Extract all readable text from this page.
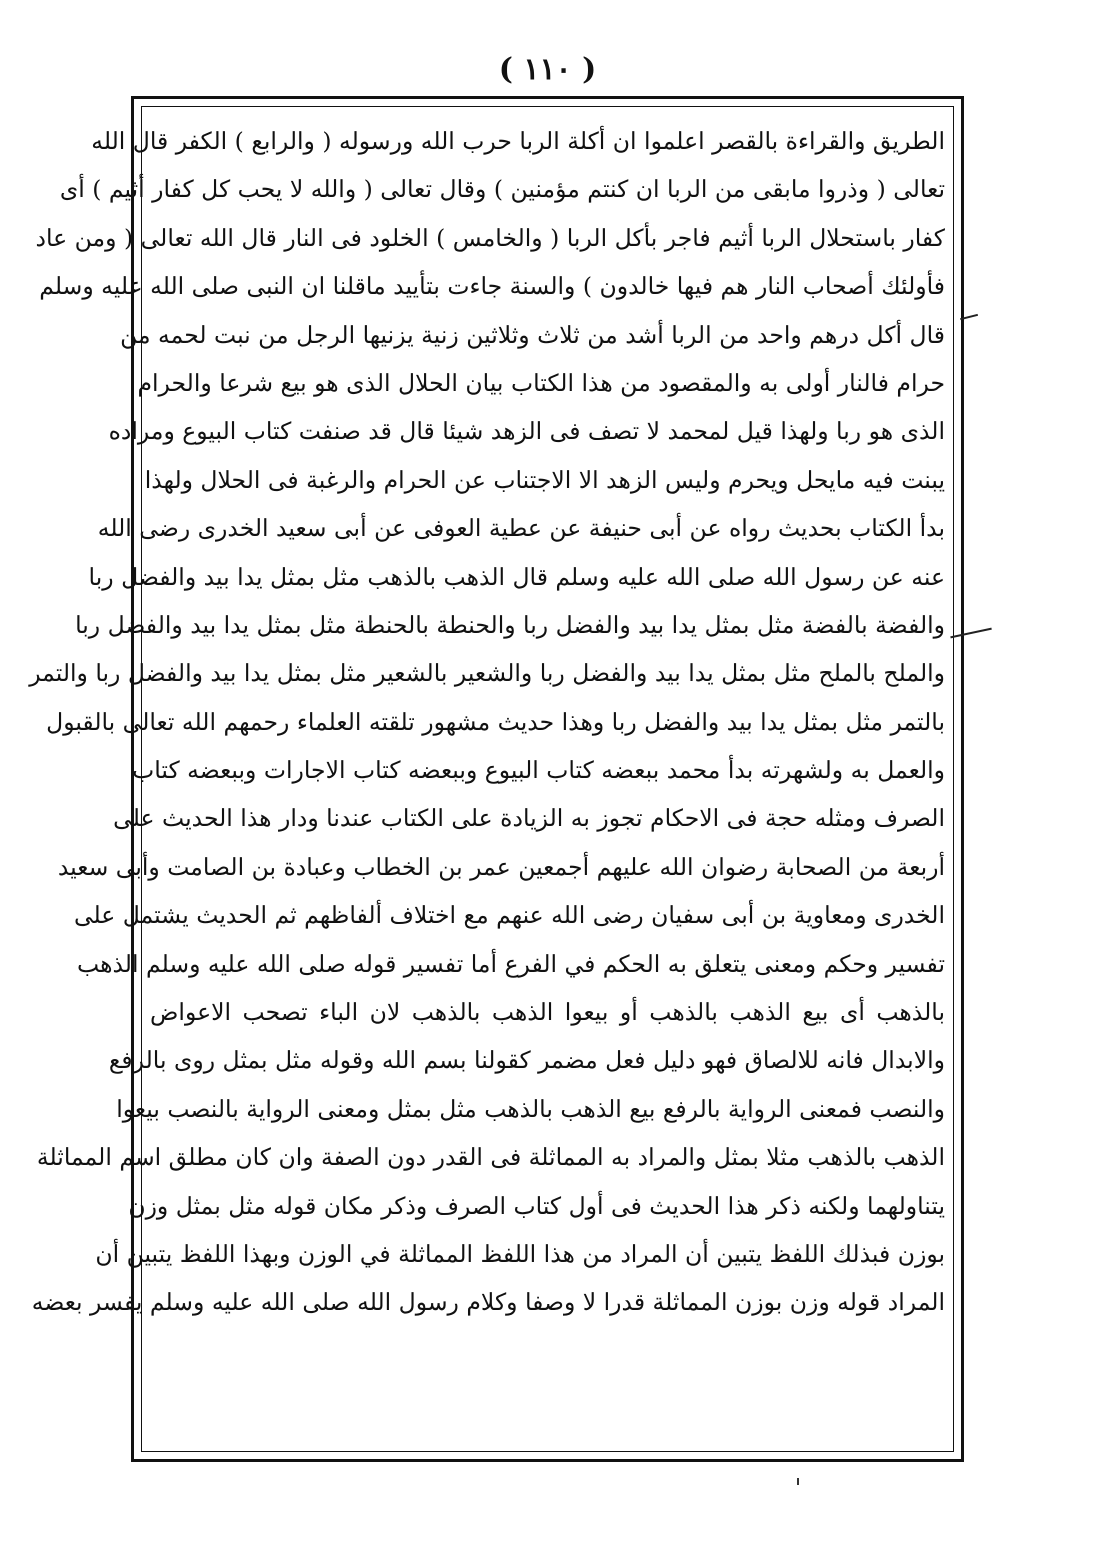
( ١١٠ )
الطريق والقراءة بالقصر اعلموا ان أكلة الربا حرب الله ورسوله ( والرابع ) الكفر قال الله
تعالى ( وذروا مابقى من الربا ان كنتم مؤمنين ) وقال تعالى ( والله لا يحب كل كفار أثيم ) أى
كفار باستحلال الربا أثيم فاجر بأكل الربا ( والخامس ) الخلود فى النار قال الله تعالى ( ومن عاد
فأولئك أصحاب النار هم فيها خالدون ) والسنة جاءت بتأييد ماقلنا ان النبى صلى الله عليه وسلم
قال أكل درهم واحد من الربا أشد من ثلاث وثلاثين زنية يزنيها الرجل من نبت لحمه من
حرام فالنار أولى به والمقصود من هذا الكتاب بيان الحلال الذى هو بيع شرعا والحرام
الذى هو ربا ولهذا قيل لمحمد لا تصف فى الزهد شيئا قال قد صنفت كتاب البيوع ومراده
يبنت فيه مايحل ويحرم وليس الزهد الا الاجتناب عن الحرام والرغبة فى الحلال ولهذا
بدأ الكتاب بحديث رواه عن أبى حنيفة عن عطية العوفى عن أبى سعيد الخدرى رضى الله
عنه عن رسول الله صلى الله عليه وسلم قال الذهب بالذهب مثل بمثل يدا بيد والفضل ربا
والفضة بالفضة مثل بمثل يدا بيد والفضل ربا والحنطة بالحنطة مثل بمثل يدا بيد والفضل ربا
والملح بالملح مثل بمثل يدا بيد والفضل ربا والشعير بالشعير مثل بمثل يدا بيد والفضل ربا والتمر
بالتمر مثل بمثل يدا بيد والفضل ربا وهذا حديث مشهور تلقته العلماء رحمهم الله تعالى بالقبول
والعمل به ولشهرته بدأ محمد ببعضه كتاب البيوع وببعضه كتاب الاجارات وببعضه كتاب
الصرف ومثله حجة فى الاحكام تجوز به الزيادة على الكتاب عندنا ودار هذا الحديث على
أربعة من الصحابة رضوان الله عليهم أجمعين عمر بن الخطاب وعبادة بن الصامت وأبى سعيد
الخدرى ومعاوية بن أبى سفيان رضى الله عنهم مع اختلاف ألفاظهم ثم الحديث يشتمل على
تفسير وحكم ومعنى يتعلق به الحكم في الفرع أما تفسير قوله صلى الله عليه وسلم الذهب
بالذهب أى بيع الذهب بالذهب أو بيعوا الذهب بالذهب لان الباء تصحب الاعواض
والابدال فانه للالصاق فهو دليل فعل مضمر كقولنا بسم الله وقوله مثل بمثل روى بالرفع
والنصب فمعنى الرواية بالرفع بيع الذهب بالذهب مثل بمثل ومعنى الرواية بالنصب بيعوا
الذهب بالذهب مثلا بمثل والمراد به المماثلة فى القدر دون الصفة وان كان مطلق اسم المماثلة
يتناولهما ولكنه ذكر هذا الحديث فى أول كتاب الصرف وذكر مكان قوله مثل بمثل وزن
بوزن فبذلك اللفظ يتبين أن المراد من هذا اللفظ المماثلة في الوزن وبهذا اللفظ يتبين أن
المراد قوله وزن بوزن المماثلة قدرا لا وصفا وكلام رسول الله صلى الله عليه وسلم يفسر بعضه
